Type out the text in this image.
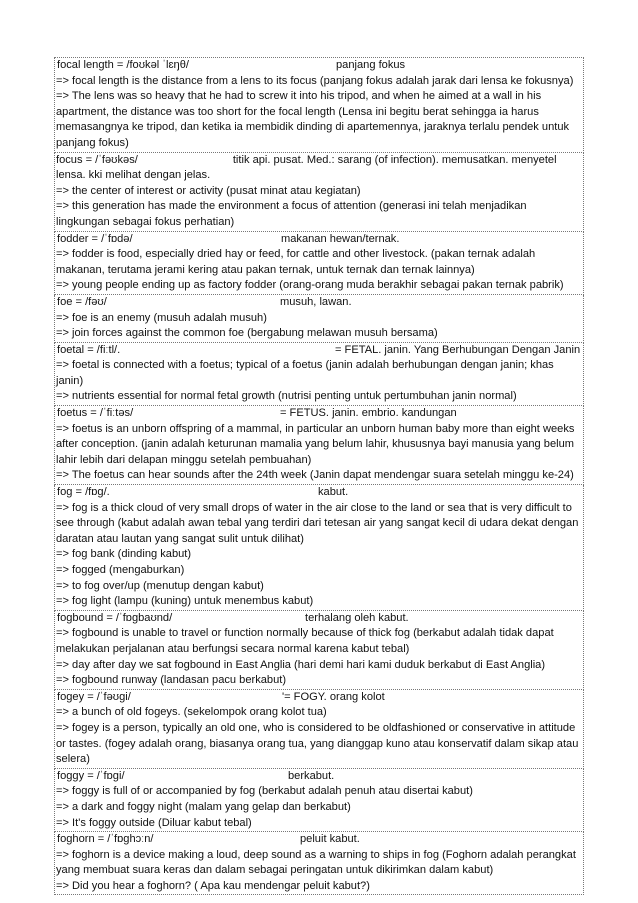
focal length = /foʊkəl ˈlɛŋθ/	panjang fokus
=> focal length is the distance from a lens to its focus (panjang fokus adalah jarak dari lensa ke fokusnya)
=> The lens was so heavy that he had to screw it into his tripod, and when he aimed at a wall in his apartment, the distance was too short for the focal length (Lensa ini begitu berat sehingga ia harus memasangnya ke tripod, dan ketika ia membidik dinding di apartemennya, jaraknya terlalu pendek untuk panjang fokus)
focus = /ˈfəʊkəs/	titik api. pusat. Med.: sarang (of infection). memusatkan. menyetel lensa. kki melihat dengan jelas.
=> the center of interest or activity (pusat minat atau kegiatan)
=> this generation has made the environment a focus of attention (generasi ini telah menjadikan lingkungan sebagai fokus perhatian)
fodder = /ˈfɒdə/	makanan hewan/ternak.
=> fodder is food, especially dried hay or feed, for cattle and other livestock. (pakan ternak adalah makanan, terutama jerami kering atau pakan ternak, untuk ternak dan ternak lainnya)
=> young people ending up as factory fodder (orang-orang muda berakhir sebagai pakan ternak pabrik)
foe = /fəʊ/	musuh, lawan.
=> foe is an enemy (musuh adalah musuh)
=> join forces against the common foe (bergabung melawan musuh bersama)
foetal = /fiːtl/.	= FETAL. janin. Yang Berhubungan Dengan Janin
=> foetal is connected with a foetus; typical of a foetus (janin adalah berhubungan dengan janin; khas janin)
=> nutrients essential for normal fetal growth (nutrisi penting untuk pertumbuhan janin normal)
foetus = /ˈfiːtəs/	= FETUS. janin. embrio. kandungan
=> foetus is an unborn offspring of a mammal, in particular an unborn human baby more than eight weeks after conception. (janin adalah keturunan mamalia yang belum lahir, khususnya bayi manusia yang belum lahir lebih dari delapan minggu setelah pembuahan)
=> The foetus can hear sounds after the 24th week (Janin dapat mendengar suara setelah minggu ke-24)
fog = /fɒg/.	kabut.
=> fog is a thick cloud of very small drops of water in the air close to the land or sea that is very difficult to see through (kabut adalah awan tebal yang terdiri dari tetesan air yang sangat kecil di udara dekat dengan daratan atau lautan yang sangat sulit untuk dilihat)
=> fog bank (dinding kabut)
=> fogged (mengaburkan)
=> to fog over/up (menutup dengan kabut)
=> fog light (lampu (kuning) untuk menembus kabut)
fogbound = /ˈfɒgbaʊnd/	terhalang oleh kabut.
=> fogbound is unable to travel or function normally because of thick fog (berkabut adalah tidak dapat melakukan perjalanan atau berfungsi secara normal karena kabut tebal)
=> day after day we sat fogbound in East Anglia (hari demi hari kami duduk berkabut di East Anglia)
=> fogbound runway (landasan pacu berkabut)
fogey = /ˈfəʊgi/	'= FOGY. orang kolot
=> a bunch of old fogeys. (sekelompok orang kolot tua)
=> fogey is a person, typically an old one, who is considered to be oldfashioned or conservative in attitude or tastes. (fogey adalah orang, biasanya orang tua, yang dianggap kuno atau konservatif dalam sikap atau selera)
foggy = /ˈfɒgi/	berkabut.
=> foggy is full of or accompanied by fog (berkabut adalah penuh atau disertai kabut)
=> a dark and foggy night (malam yang gelap dan berkabut)
=> It's foggy outside (Diluar kabut tebal)
foghorn = /ˈfɒghɔːn/	peluit kabut.
=> foghorn is a device making a loud, deep sound as a warning to ships in fog (Foghorn adalah perangkat yang membuat suara keras dan dalam sebagai peringatan untuk dikirimkan dalam kabut)
=> Did you hear a foghorn? ( Apa kau mendengar peluit kabut?)
